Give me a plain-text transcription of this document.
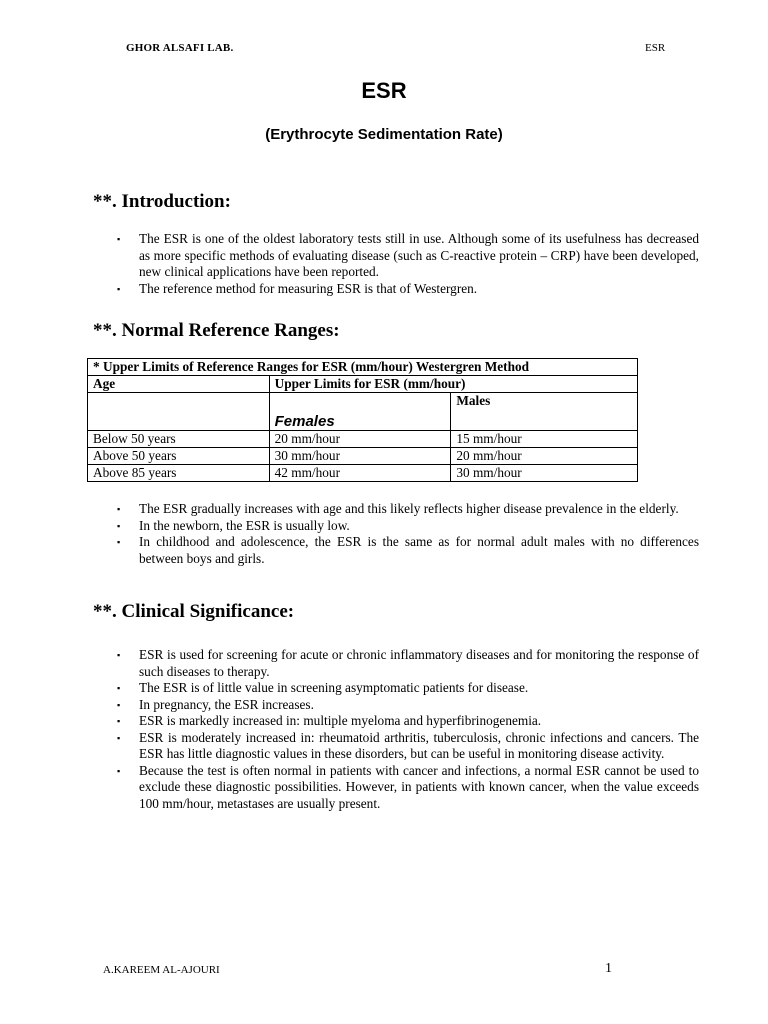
GHOR ALSAFI LAB.	ESR
ESR
(Erythrocyte Sedimentation Rate)
**. Introduction:
▪ The ESR is one of the oldest laboratory tests still in use. Although some of its usefulness has decreased as more specific methods of evaluating disease (such as C-reactive protein – CRP) have been developed, new clinical applications have been reported.
▪ The reference method for measuring ESR is that of Westergren.
**. Normal Reference Ranges:
* Upper Limits of Reference Ranges for ESR (mm/hour) Westergren Method		
Age	Upper Limits for ESR (mm/hour)	
	Females	Males
Below 50 years	20 mm/hour	15 mm/hour
Above 50 years	30 mm/hour	20 mm/hour
Above 85 years	42 mm/hour	30 mm/hour
▪ The ESR gradually increases with age and this likely reflects higher disease prevalence in the elderly.
▪ In the newborn, the ESR is usually low.
▪ In childhood and adolescence, the ESR is the same as for normal adult males with no differences between boys and girls.
**. Clinical Significance:
▪ ESR is used for screening for acute or chronic inflammatory diseases and for monitoring the response of such diseases to therapy.
▪ The ESR is of little value in screening asymptomatic patients for disease.
▪ In pregnancy, the ESR increases.
▪ ESR is markedly increased in: multiple myeloma and hyperfibrinogenemia.
▪ ESR is moderately increased in: rheumatoid arthritis, tuberculosis, chronic infections and cancers. The ESR has little diagnostic values in these disorders, but can be useful in monitoring disease activity.
▪ Because the test is often normal in patients with cancer and infections, a normal ESR cannot be used to exclude these diagnostic possibilities. However, in patients with known cancer, when the value exceeds 100 mm/hour, metastases are usually present.
A.KAREEM AL-AJOURI	1
